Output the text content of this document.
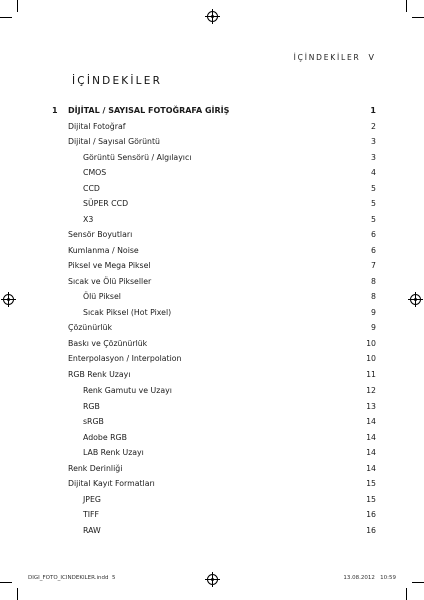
İÇİNDEKİLER V
İÇİNDEKİLER
1 DİJİTAL / SAYISAL FOTOĞRAFA GİRİŞ	1
Dijital Fotoğraf	2
Dijital / Sayısal Görüntü	3
Görüntü Sensörü / Algılayıcı	3
CMOS	4
CCD	5
SÜPER CCD	5
X3	5
Sensör Boyutları	6
Kumlanma / Noise	6
Piksel ve Mega Piksel	7
Sıcak ve Ölü Pikseller	8
Ölü Piksel	8
Sıcak Piksel (Hot Pixel)	9
Çözünürlük	9
Baskı ve Çözünürlük	10
Enterpolasyon / Interpolation	10
RGB Renk Uzayı	11
Renk Gamutu ve Uzayı	12
RGB	13
sRGB	14
Adobe RGB	14
LAB Renk Uzayı	14
Renk Derinliği	14
Dijital Kayıt Formatları	15
JPEG	15
TIFF	16
RAW	16
DIGI_FOTO_ICINDEKILER.indd 5	13.08.2012 10:59
